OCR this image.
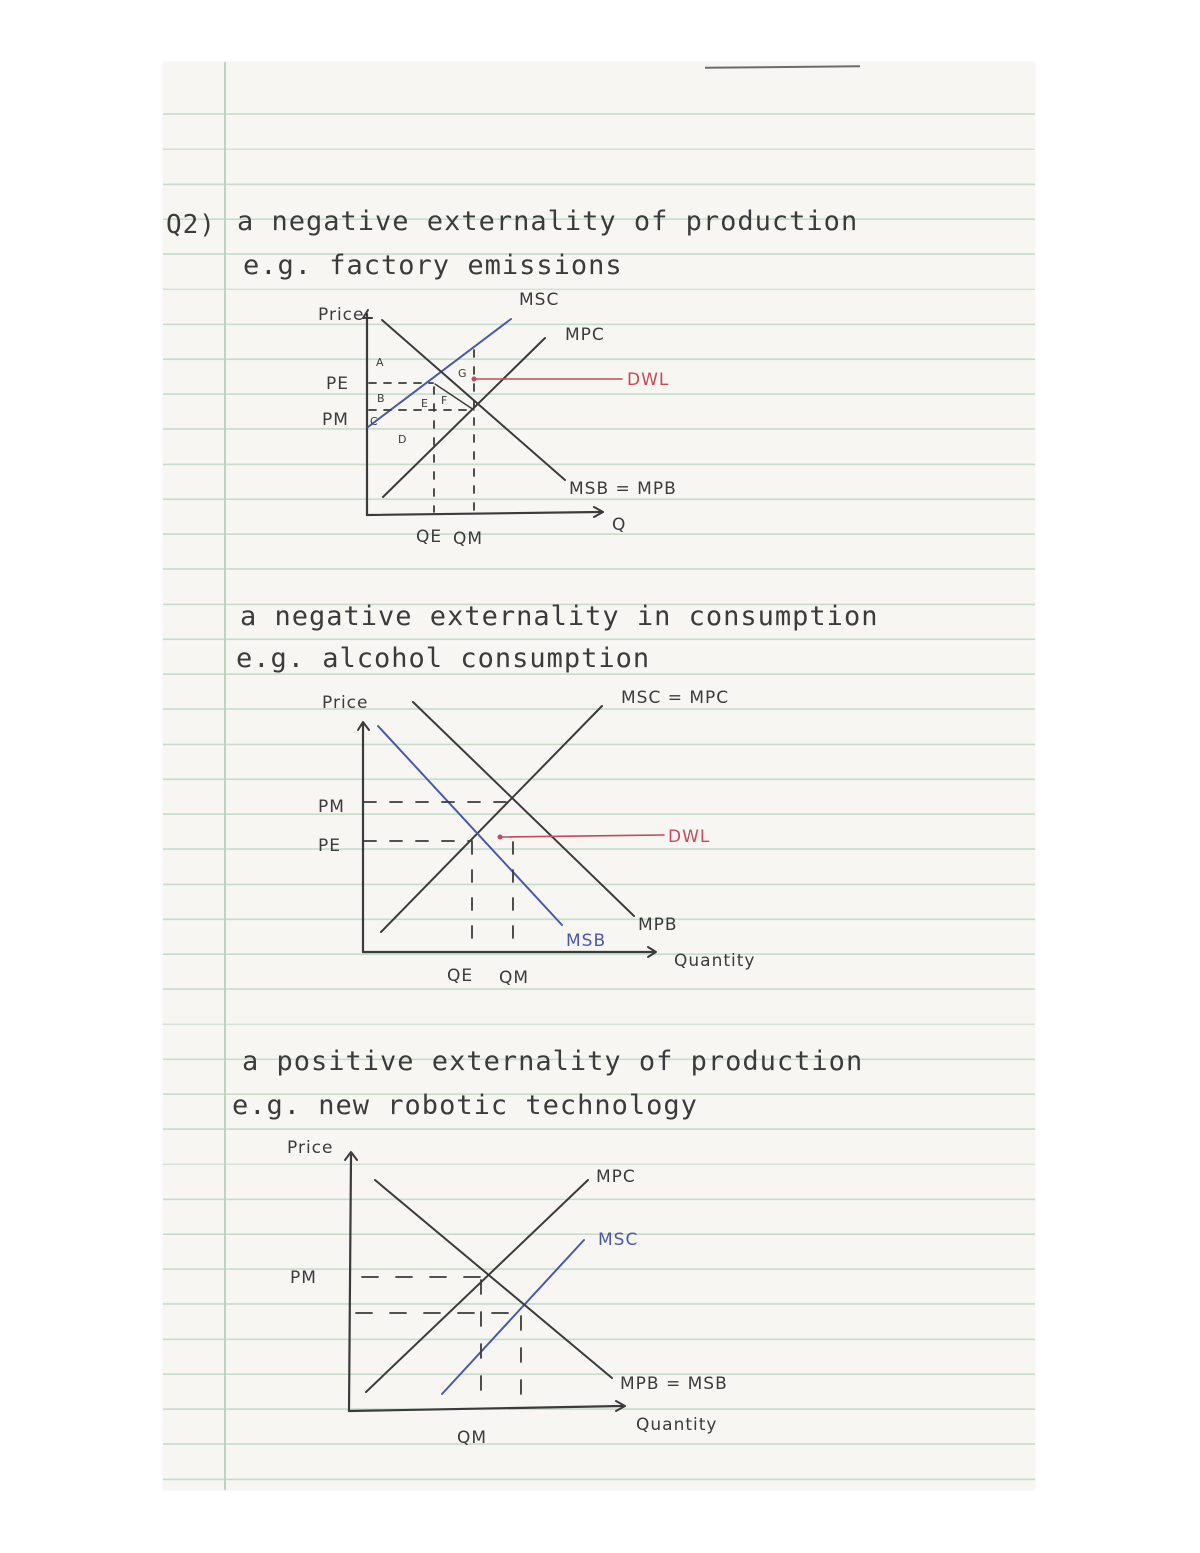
Q2) a negative externality of production
e.g. factory emissions
a negative externality in consumption
e.g. alcohol consumption
a positive externality of production
e.g. new robotic technology
Price
MSC
MPC
MSB = MPB
Q
DWL
PE
PM
QE QM
A
B
C
D
E F
G
Price	MSC = MPC
PM
PE	DWL
MSB
MPB
Quantity
QE QM
Price
MPC
MSC
PM
MPB = MSB
Quantity
QM
